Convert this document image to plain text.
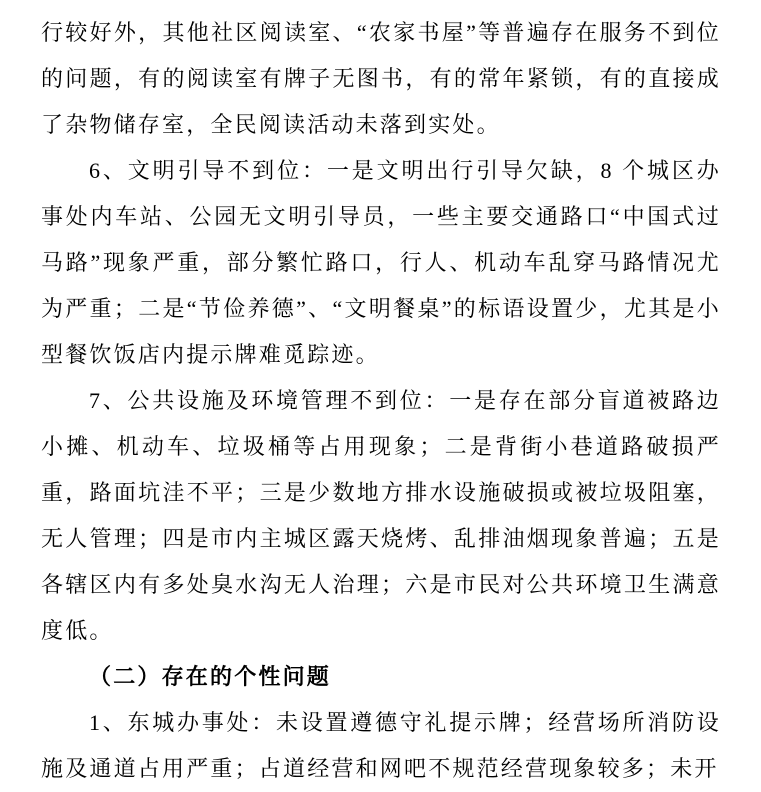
行较好外，其他社区阅读室、“农家书屋”等普遍存在服务不到位的问题，有的阅读室有牌子无图书，有的常年紧锁，有的直接成了杂物储存室，全民阅读活动未落到实处。

6、文明引导不到位：一是文明出行引导欠缺，8 个城区办事处内车站、公园无文明引导员，一些主要交通路口“中国式过马路”现象严重，部分繁忙路口，行人、机动车乱穿马路情况尤为严重；二是“节俭养德”、“文明餐桌”的标语设置少，尤其是小型餐饮饭店内提示牌难觅踪迹。

7、公共设施及环境管理不到位：一是存在部分盲道被路边小摊、机动车、垃圾桶等占用现象；二是背街小巷道路破损严重，路面坑洼不平；三是少数地方排水设施破损或被垃圾阻塞，无人管理；四是市内主城区露天烧烤、乱排油烟现象普遍；五是各辖区内有多处臭水沟无人治理；六是市民对公共环境卫生满意度低。

（二）存在的个性问题

1、东城办事处：未设置遵德守礼提示牌；经营场所消防设施及通道占用严重；占道经营和网吧不规范经营现象较多；未开
